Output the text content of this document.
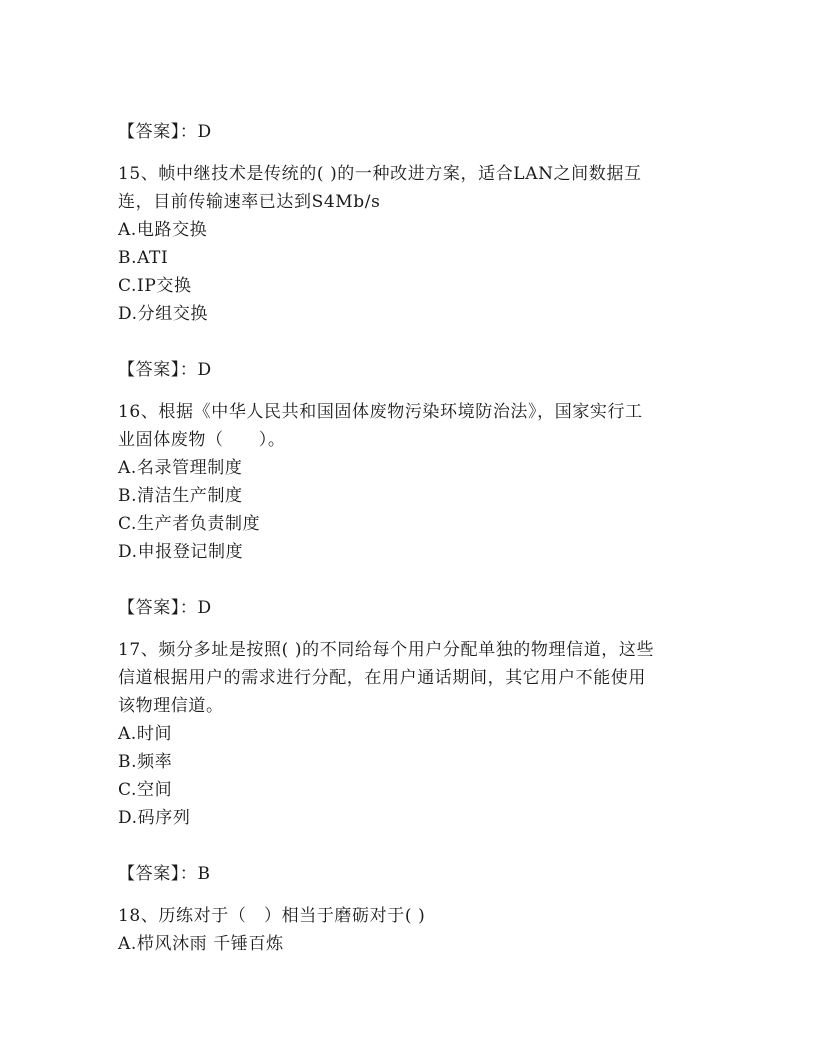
【答案】：D
15、帧中继技术是传统的( )的一种改进方案，适合LAN之间数据互
连，目前传输速率已达到S4Mb/s
A.电路交换
B.ATI
C.IP交换
D.分组交换
【答案】：D
16、根据《中华人民共和国固体废物污染环境防治法》，国家实行工
业固体废物（　　）。
A.名录管理制度
B.清洁生产制度
C.生产者负责制度
D.申报登记制度
【答案】：D
17、频分多址是按照( )的不同给每个用户分配单独的物理信道，这些
信道根据用户的需求进行分配，在用户通话期间，其它用户不能使用
该物理信道。
A.时间
B.频率
C.空间
D.码序列
【答案】：B
18、历练对于（　）相当于磨砺对于( )
A.栉风沐雨 千锤百炼
